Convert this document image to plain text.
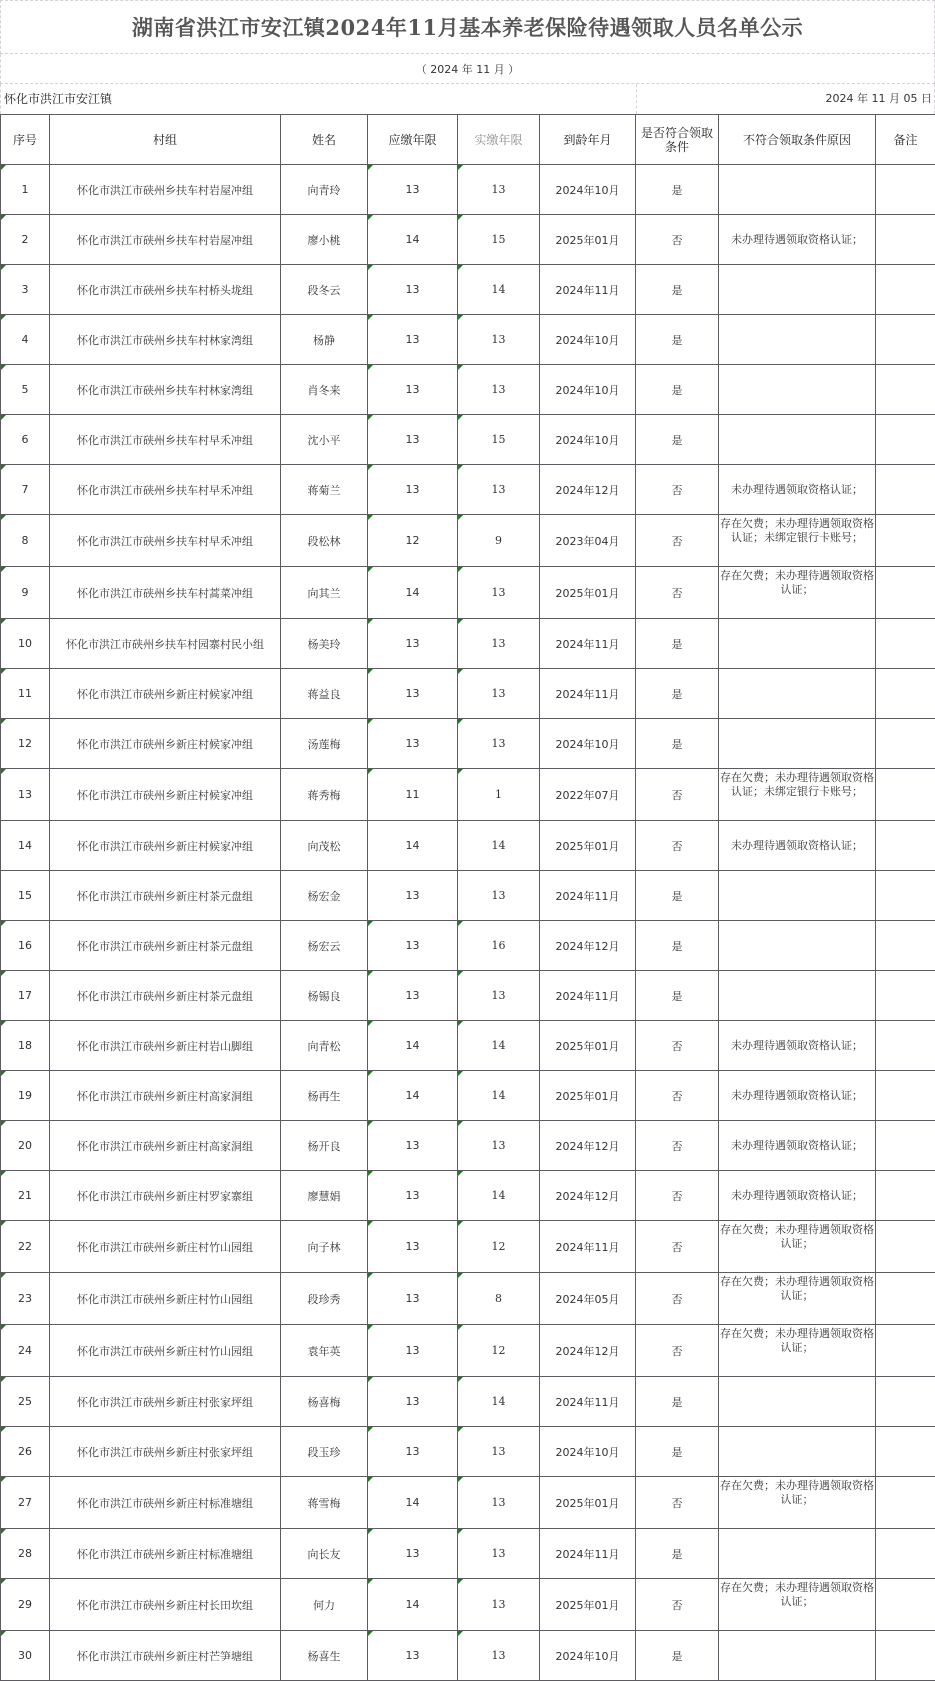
湖南省洪江市安江镇2024年11月基本养老保险待遇领取人员名单公示
（ 2024 年 11 月 ）
怀化市洪江市安江镇	2024 年 11 月 05 日
序号	村组	姓名	应缴年限	实缴年限	到龄年月	是否符合领取条件	不符合领取条件原因	备注

1	怀化市洪江市硖州乡扶车村岩屋冲组	向青玲	13	13	2024年10月	是		

2	怀化市洪江市硖州乡扶车村岩屋冲组	廖小桃	14	15	2025年01月	否	未办理待遇领取资格认证；	

3	怀化市洪江市硖州乡扶车村桥头垅组	段冬云	13	14	2024年11月	是		

4	怀化市洪江市硖州乡扶车村林家湾组	杨静	13	13	2024年10月	是		

5	怀化市洪江市硖州乡扶车村林家湾组	肖冬来	13	13	2024年10月	是		

6	怀化市洪江市硖州乡扶车村早禾冲组	沈小平	13	15	2024年10月	是		

7	怀化市洪江市硖州乡扶车村早禾冲组	蒋菊兰	13	13	2024年12月	否	未办理待遇领取资格认证；	

8	怀化市洪江市硖州乡扶车村早禾冲组	段松林	12	9	2023年04月	否	存在欠费；未办理待遇领取资格认证；未绑定银行卡账号；	

9	怀化市洪江市硖州乡扶车村蒿菜冲组	向其兰	14	13	2025年01月	否	存在欠费；未办理待遇领取资格认证；	

10	怀化市洪江市硖州乡扶车村园寨村民小组	杨美玲	13	13	2024年11月	是		

11	怀化市洪江市硖州乡新庄村候家冲组	蒋益良	13	13	2024年11月	是		

12	怀化市洪江市硖州乡新庄村候家冲组	汤莲梅	13	13	2024年10月	是		

13	怀化市洪江市硖州乡新庄村候家冲组	蒋秀梅	11	1	2022年07月	否	存在欠费；未办理待遇领取资格认证；未绑定银行卡账号；	
14	怀化市洪江市硖州乡新庄村候家冲组	向茂松	14	14	2025年01月	否	未办理待遇领取资格认证；	
15	怀化市洪江市硖州乡新庄村茶元盘组	杨宏金	13	13	2024年11月	是		

16	怀化市洪江市硖州乡新庄村茶元盘组	杨宏云	13	16	2024年12月	是		

17	怀化市洪江市硖州乡新庄村茶元盘组	杨锡良	13	13	2024年11月	是		

18	怀化市洪江市硖州乡新庄村岩山脚组	向青松	14	14	2025年01月	否	未办理待遇领取资格认证；	

19	怀化市洪江市硖州乡新庄村高家洞组	杨再生	14	14	2025年01月	否	未办理待遇领取资格认证；	

20	怀化市洪江市硖州乡新庄村高家洞组	杨开良	13	13	2024年12月	否	未办理待遇领取资格认证；	

21	怀化市洪江市硖州乡新庄村罗家寨组	廖慧娟	13	14	2024年12月	否	未办理待遇领取资格认证；	

22	怀化市洪江市硖州乡新庄村竹山园组	向子林	13	12	2024年11月	否	存在欠费；未办理待遇领取资格认证；	

23	怀化市洪江市硖州乡新庄村竹山园组	段珍秀	13	8	2024年05月	否	存在欠费；未办理待遇领取资格认证；	

24	怀化市洪江市硖州乡新庄村竹山园组	袁年英	13	12	2024年12月	否	存在欠费；未办理待遇领取资格认证；	

25	怀化市洪江市硖州乡新庄村张家坪组	杨喜梅	13	14	2024年11月	是		

26	怀化市洪江市硖州乡新庄村张家坪组	段玉珍	13	13	2024年10月	是		

27	怀化市洪江市硖州乡新庄村标准塘组	蒋雪梅	14	13	2025年01月	否	存在欠费；未办理待遇领取资格认证；	

28	怀化市洪江市硖州乡新庄村标准塘组	向长友	13	13	2024年11月	是		

29	怀化市洪江市硖州乡新庄村长田坎组	何力	14	13	2025年01月	否	存在欠费；未办理待遇领取资格认证；	

30	怀化市洪江市硖州乡新庄村芒笋塘组	杨喜生	13	13	2024年10月	是		
